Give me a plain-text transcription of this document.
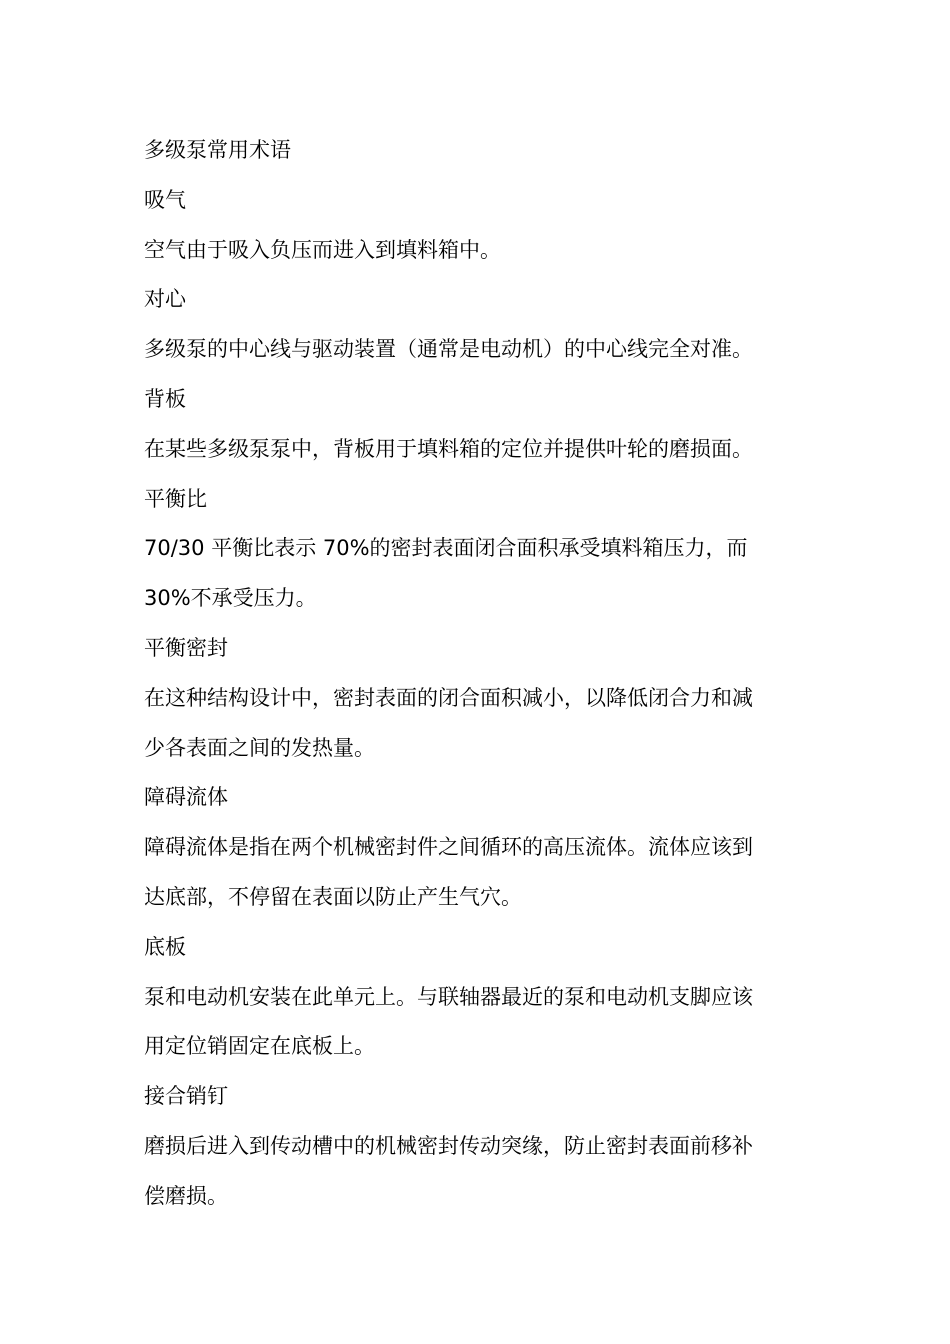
多级泵常用术语
吸气
空气由于吸入负压而进入到填料箱中。
对心
多级泵的中心线与驱动装置（通常是电动机）的中心线完全对准。
背板
在某些多级泵泵中，背板用于填料箱的定位并提供叶轮的磨损面。
平衡比
70/30 平衡比表示 70%的密封表面闭合面积承受填料箱压力，而
30%不承受压力。
平衡密封
在这种结构设计中，密封表面的闭合面积减小，以降低闭合力和减
少各表面之间的发热量。
障碍流体
障碍流体是指在两个机械密封件之间循环的高压流体。流体应该到
达底部，不停留在表面以防止产生气穴。
底板
泵和电动机安装在此单元上。与联轴器最近的泵和电动机支脚应该
用定位销固定在底板上。
接合销钉
磨损后进入到传动槽中的机械密封传动突缘，防止密封表面前移补
偿磨损。
